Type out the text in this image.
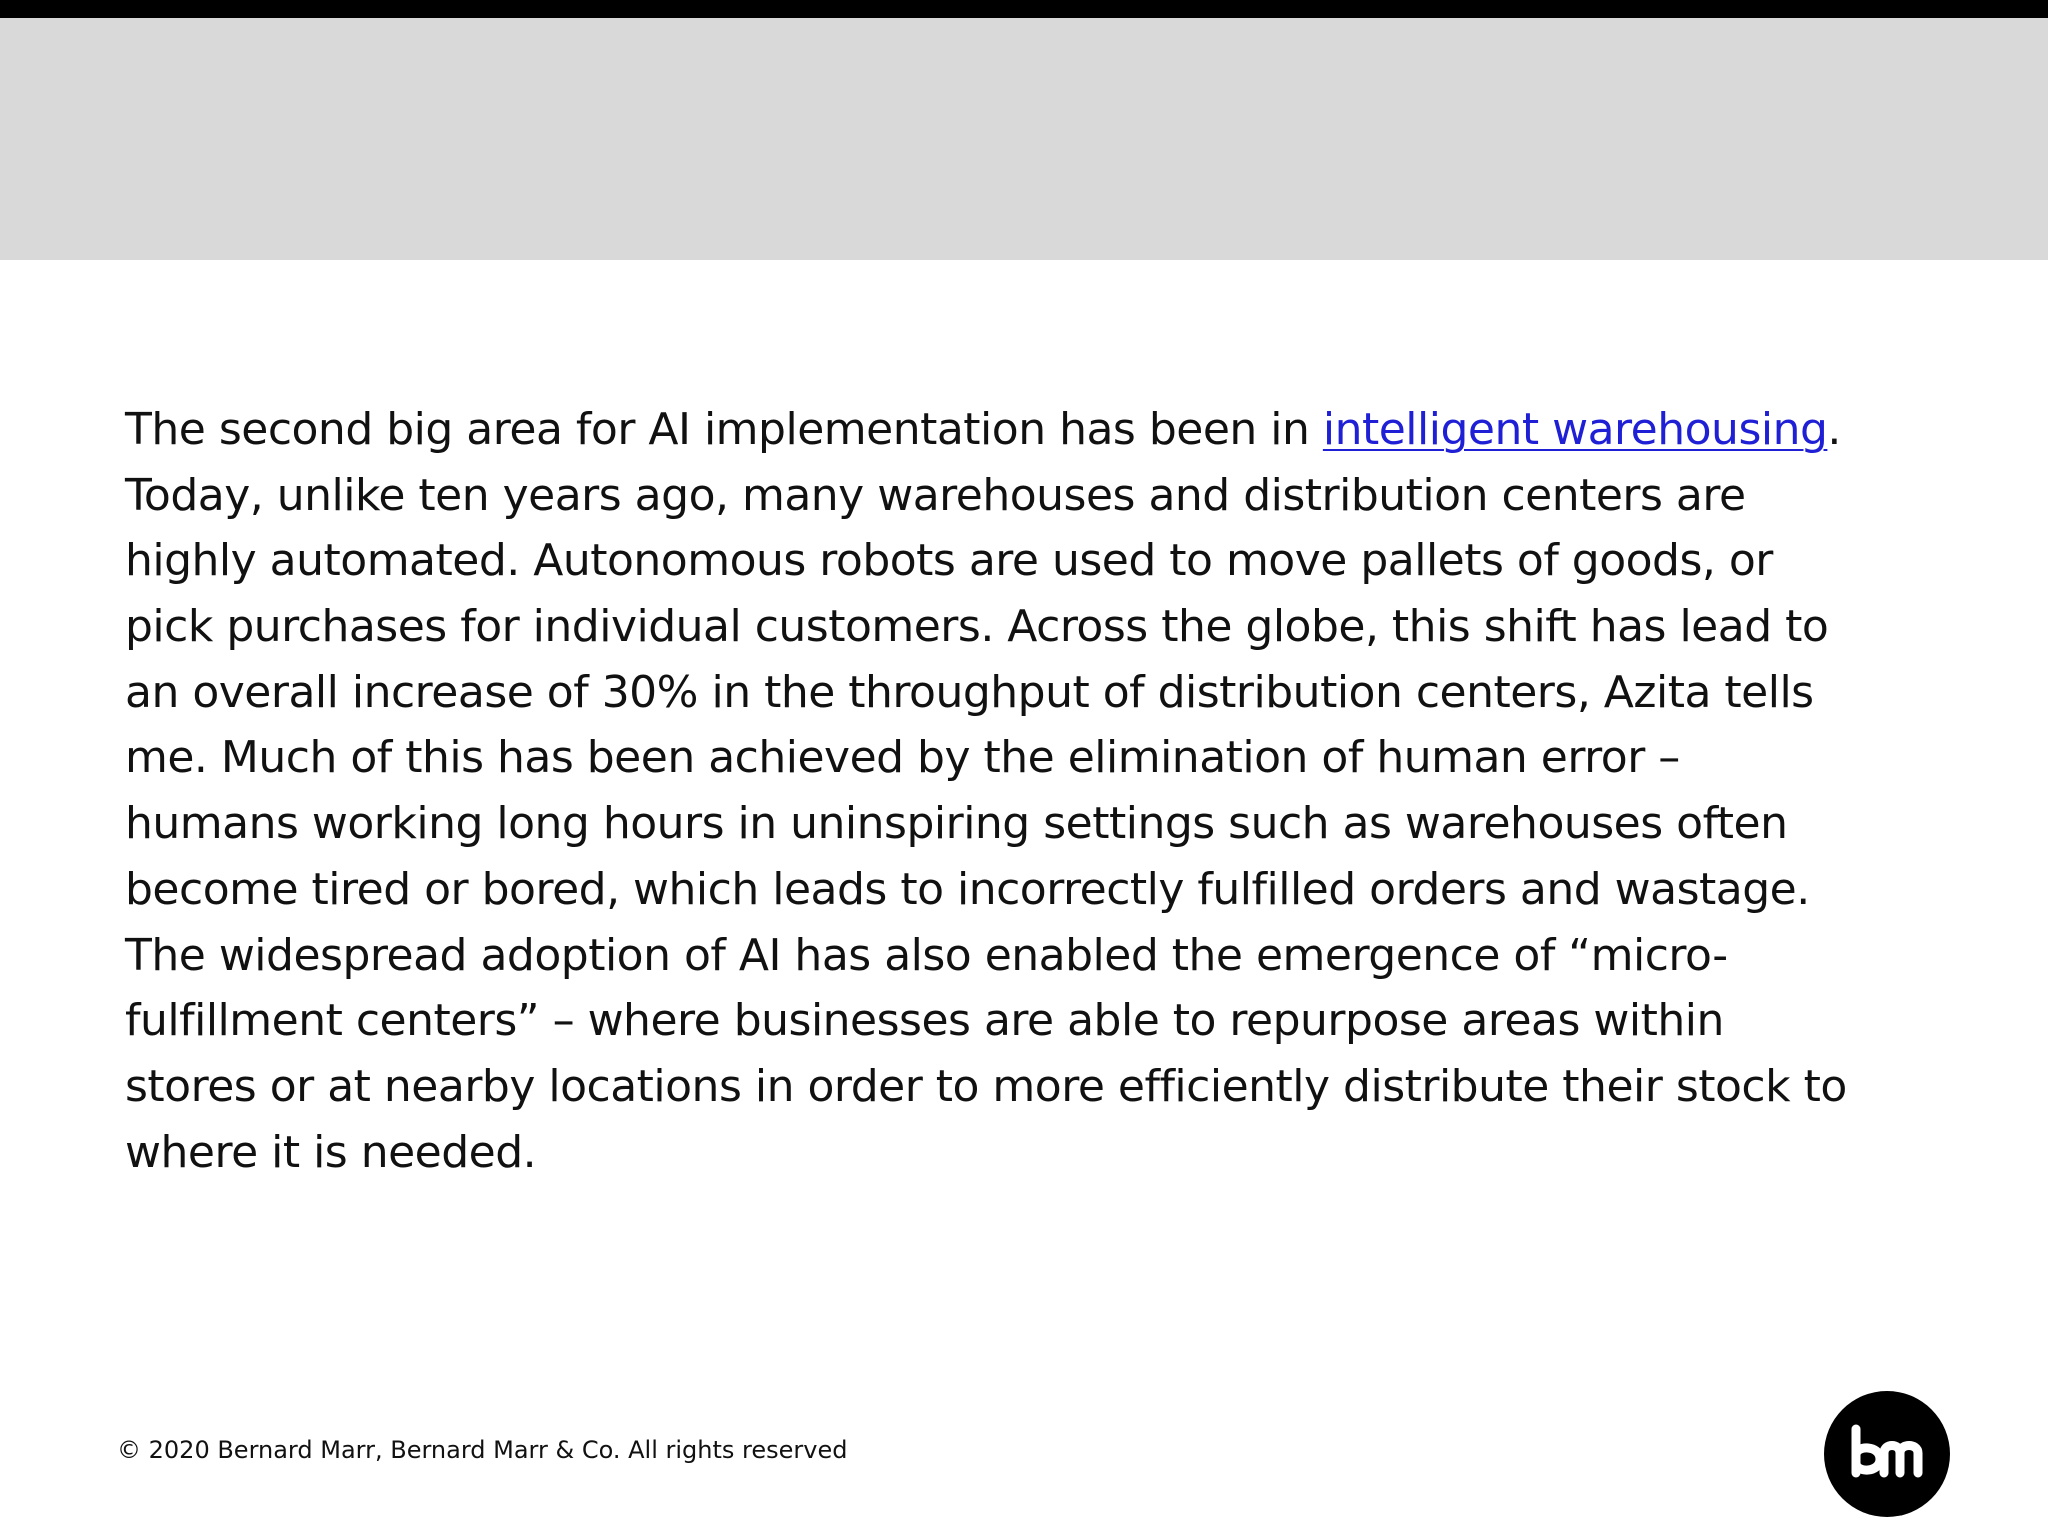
The second big area for AI implementation has been in intelligent warehousing.
Today, unlike ten years ago, many warehouses and distribution centers are
highly automated. Autonomous robots are used to move pallets of goods, or
pick purchases for individual customers. Across the globe, this shift has lead to
an overall increase of 30% in the throughput of distribution centers, Azita tells
me. Much of this has been achieved by the elimination of human error –
humans working long hours in uninspiring settings such as warehouses often
become tired or bored, which leads to incorrectly fulfilled orders and wastage.
The widespread adoption of AI has also enabled the emergence of “micro-
fulfillment centers” – where businesses are able to repurpose areas within
stores or at nearby locations in order to more efficiently distribute their stock to
where it is needed.

© 2020 Bernard Marr, Bernard Marr & Co. All rights reserved
